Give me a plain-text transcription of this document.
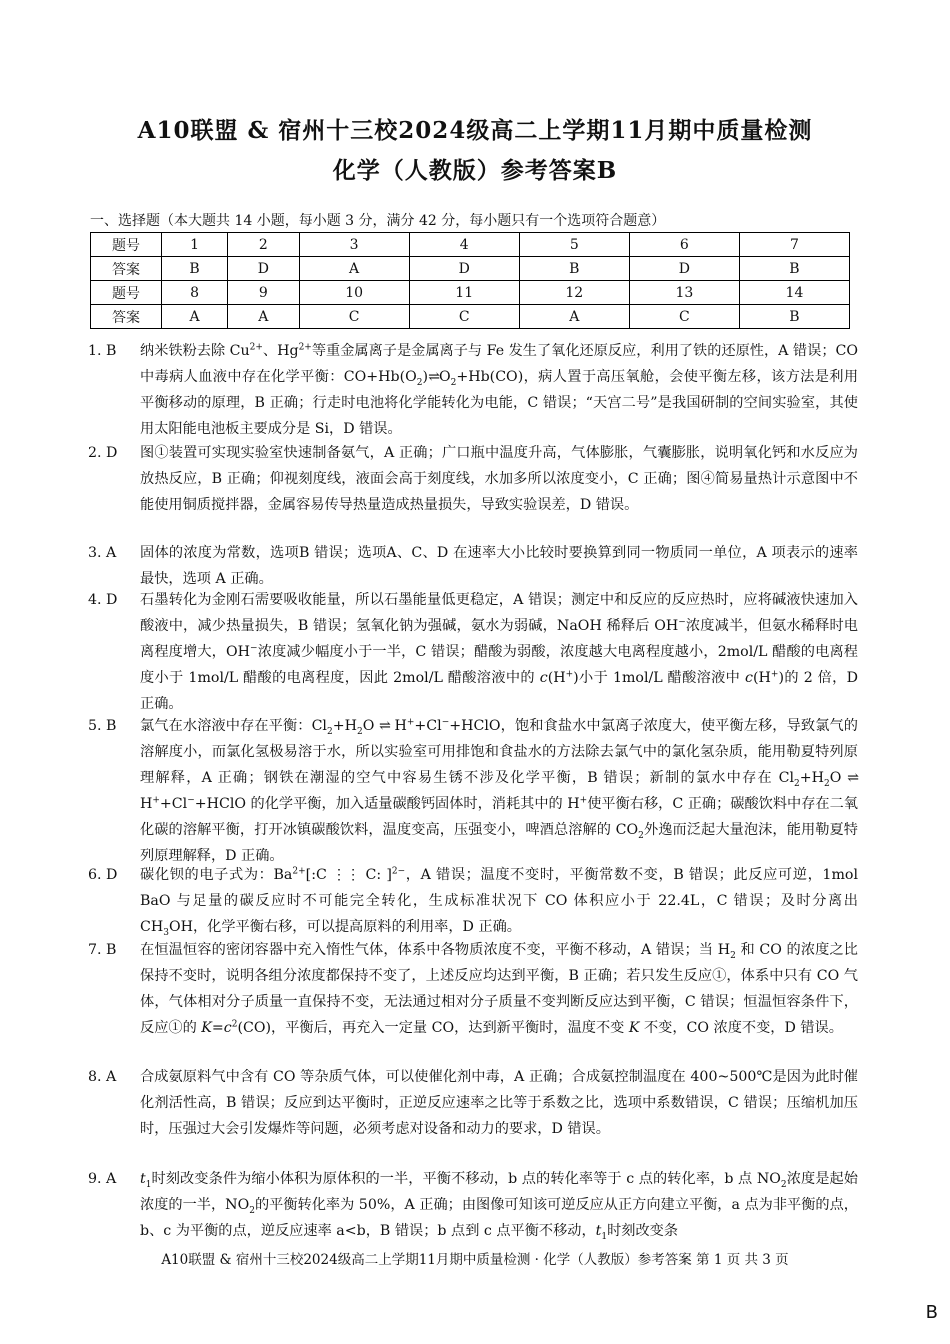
A10联盟 & 宿州十三校2024级高二上学期11月期中质量检测
化学（人教版）参考答案B
一、选择题（本大题共 14 小题，每小题 3 分，满分 42 分，每小题只有一个选项符合题意）
题号	1	2	3	4	5	6	7
答案	B	D	A	D	B	D	B
题号	8	9	10	11	12	13	14
答案	A	A	C	C	A	C	B
1. B	纳米铁粉去除 $Cu^{2+}$、$Hg^{2+}$等重金属离子是金属离子与 Fe 发生了氧化还原反应，利用了铁的还原性，A 错误；CO 中毒病人血液中存在化学平衡：$CO+Hb(O_2)\rightleftharpoons O_2+Hb(CO)$，病人置于高压氧舱，会使平衡左移，该方法是利用平衡移动的原理，B 正确；行走时电池将化学能转化为电能，C 错误；“天宫二号”是我国研制的空间实验室，其使用太阳能电池板主要成分是 Si，D 错误。
2. D	图①装置可实现实验室快速制备氨气，A 正确；广口瓶中温度升高，气体膨胀，气囊膨胀，说明氧化钙和水反应为放热反应，B 正确；仰视刻度线，液面会高于刻度线，水加多所以浓度变小，C 正确；图④简易量热计示意图中不能使用铜质搅拌器，金属容易传导热量造成热量损失，导致实验误差，D 错误。
3. A	固体的浓度为常数，选项B 错误；选项A、C、D 在速率大小比较时要换算到同一物质同一单位，A 项表示的速率最快，选项 A 正确。
4. D	石墨转化为金刚石需要吸收能量，所以石墨能量低更稳定，A 错误；测定中和反应的反应热时，应将碱液快速加入酸液中，减少热量损失，B 错误；氢氧化钠为强碱，氨水为弱碱，NaOH 稀释后 OH−浓度减半，但氨水稀释时电离程度增大，OH−浓度减少幅度小于一半，C 错误；醋酸为弱酸，浓度越大电离程度越小，2mol/L 醋酸的电离程度小于 1mol/L 醋酸的电离程度，因此 2mol/L 醋酸溶液中的 c(H+)小于 1mol/L 醋酸溶液中 c(H+)的 2 倍，D 正确。
5. B	氯气在水溶液中存在平衡：$Cl_2+H_2O$ ⇌ H++Cl−+HClO，饱和食盐水中氯离子浓度大，使平衡左移，导致氯气的溶解度小，而氯化氢极易溶于水，所以实验室可用排饱和食盐水的方法除去氯气中的氯化氢杂质，能用勒夏特列原理解释，A 正确；钢铁在潮湿的空气中容易生锈不涉及化学平衡，B 错误；新制的氯水中存在 $Cl_2+H_2O$ ⇌ H++Cl−+HClO 的化学平衡，加入适量碳酸钙固体时，消耗其中的 H+使平衡右移，C 正确；碳酸饮料中存在二氧化碳的溶解平衡，打开冰镇碳酸饮料，温度变高，压强变小，啤酒总溶解的 $CO_2$外逸而泛起大量泡沫，能用勒夏特列原理解释，D 正确。
6. D	碳化钡的电子式为：$Ba^{2+}[:C$ ⋮⋮ C: ]$^{2-}$，A 错误；温度不变时，平衡常数不变，B 错误；此反应可逆，1mol BaO 与足量的碳反应时不可能完全转化，生成标准状况下 CO 体积应小于 22.4L，C 错误；及时分离出 $CH_3OH$，化学平衡右移，可以提高原料的利用率，D 正确。
7. B	在恒温恒容的密闭容器中充入惰性气体，体系中各物质浓度不变，平衡不移动，A 错误；当 $H_2$ 和 CO 的浓度之比保持不变时，说明各组分浓度都保持不变了，上述反应均达到平衡，B 正确；若只发生反应①，体系中只有 CO 气体，气体相对分子质量一直保持不变，无法通过相对分子质量不变判断反应达到平衡，C 错误；恒温恒容条件下，反应①的 $K=c^2(CO)$，平衡后，再充入一定量 CO，达到新平衡时，温度不变 K 不变，CO 浓度不变，D 错误。
8. A	合成氨原料气中含有 CO 等杂质气体，可以使催化剂中毒，A 正确；合成氨控制温度在 400~500℃是因为此时催化剂活性高，B 错误；反应到达平衡时，正逆反应速率之比等于系数之比，选项中系数错误，C 错误；压缩机加压时，压强过大会引发爆炸等问题，必须考虑对设备和动力的要求，D 错误。
9. A	$t_1$时刻改变条件为缩小体积为原体积的一半，平衡不移动，b 点的转化率等于 c 点的转化率，b 点 $NO_2$浓度是起始浓度的一半，$NO_2$的平衡转化率为 50%，A 正确；由图像可知该可逆反应从正方向建立平衡，a 点为非平衡的点，b、c 为平衡的点，逆反应速率 a<b，B 错误；b 点到 c 点平衡不移动，$t_1$时刻改变条
A10联盟 & 宿州十三校2024级高二上学期11月期中质量检测 · 化学（人教版）参考答案 第 1 页 共 3 页
B
